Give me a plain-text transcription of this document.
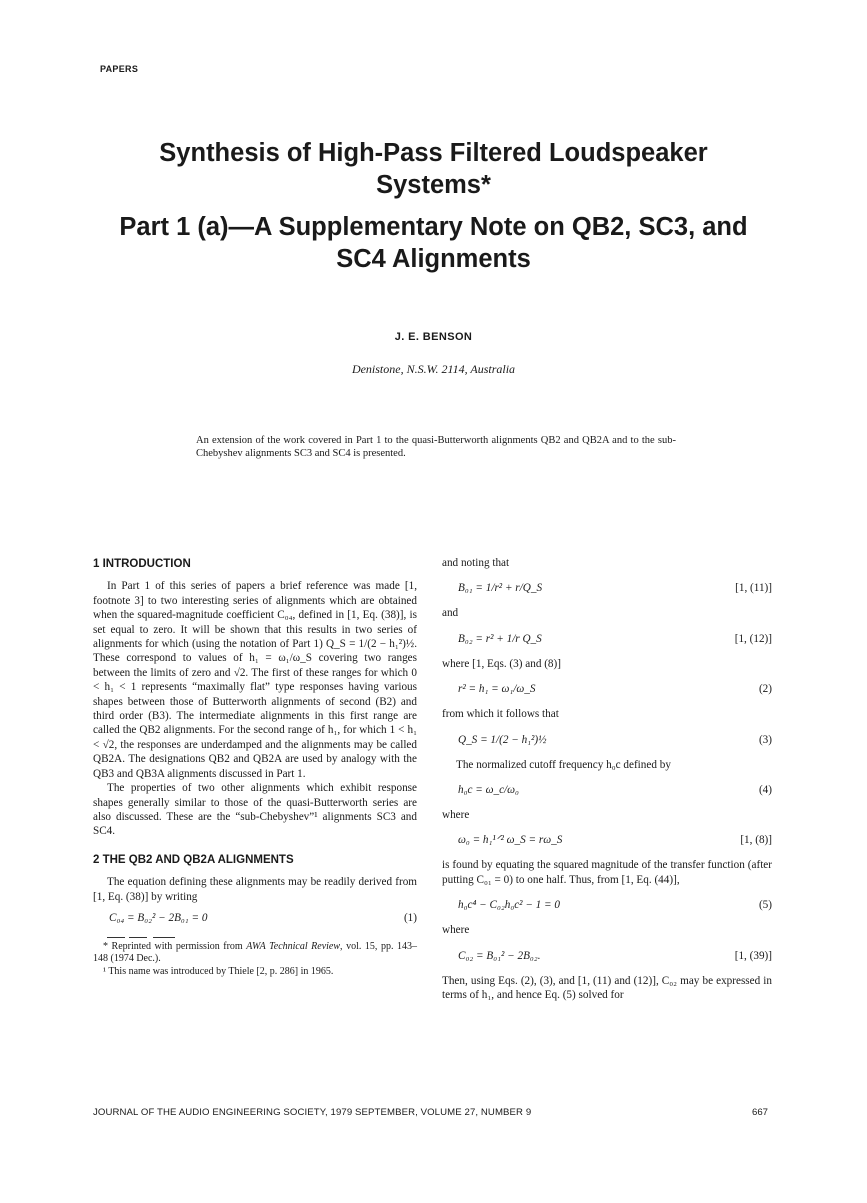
PAPERS
Synthesis of High-Pass Filtered Loudspeaker
Systems*
Part 1 (a)—A Supplementary Note on QB2, SC3, and
SC4 Alignments
J. E. BENSON
Denistone, N.S.W. 2114, Australia
An extension of the work covered in Part 1 to the quasi-Butterworth alignments QB2 and QB2A and to the sub-Chebyshev alignments SC3 and SC4 is presented.
1 INTRODUCTION

In Part 1 of this series of papers a brief reference was made [1, footnote 3] to two interesting series of alignments which are obtained when the squared-magnitude coefficient C₀₄, defined in [1, Eq. (38)], is set equal to zero. It will be shown that this results in two series of alignments for which (using the notation of Part 1) Q_S = 1/(2 − h₁²)½. These correspond to values of h₁ = ω₁/ω_S covering two ranges between the limits of zero and √2. The first of these ranges for which 0 < h₁ < 1 represents “maximally flat” type responses having various shapes between those of Butterworth alignments of second (B2) and third order (B3). The intermediate alignments in this first range are called the QB2 alignments. For the second range of h₁, for which 1 < h₁ < √2, the responses are underdamped and the alignments may be called QB2A. The designations QB2 and QB2A are used by analogy with the QB3 and QB3A alignments discussed in Part 1.

The properties of two other alignments which exhibit response shapes generally similar to those of the quasi-Butterworth series are also discussed. These are the “sub-Chebyshev”¹ alignments SC3 and SC4.

2 THE QB2 AND QB2A ALIGNMENTS

The equation defining these alignments may be readily derived from [1, Eq. (38)] by writing

C₀₄ = B₀₂² − 2B₀₁ = 0	(1)

* Reprinted with permission from AWA Technical Review, vol. 15, pp. 143–148 (1974 Dec.).

¹ This name was introduced by Thiele [2, p. 286] in 1965.

and noting that

B₀₁ = 1/r² + r/Q_S	[1, (11)]

and

B₀₂ = r² + 1/r Q_S	[1, (12)]

where [1, Eqs. (3) and (8)]

r² = h₁ = ω₁/ω_S	(2)

from which it follows that

Q_S = 1/(2 − h₁²)½	(3)

The normalized cutoff frequency h₀c defined by

h₀c = ω_c/ω₀	(4)

where

ω₀ = h₁¹ᐟ² ω_S = rω_S	[1, (8)]

is found by equating the squared magnitude of the transfer function (after putting C₀₁ = 0) to one half. Thus, from [1, Eq. (44)],

h₀c⁴ − C₀₂h₀c² − 1 = 0	(5)

where

C₀₂ = B₀₁² − 2B₀₂.	[1, (39)]

Then, using Eqs. (2), (3), and [1, (11) and (12)], C₀₂ may be expressed in terms of h₁, and hence Eq. (5) solved for

JOURNAL OF THE AUDIO ENGINEERING SOCIETY, 1979 SEPTEMBER, VOLUME 27, NUMBER 9	667
